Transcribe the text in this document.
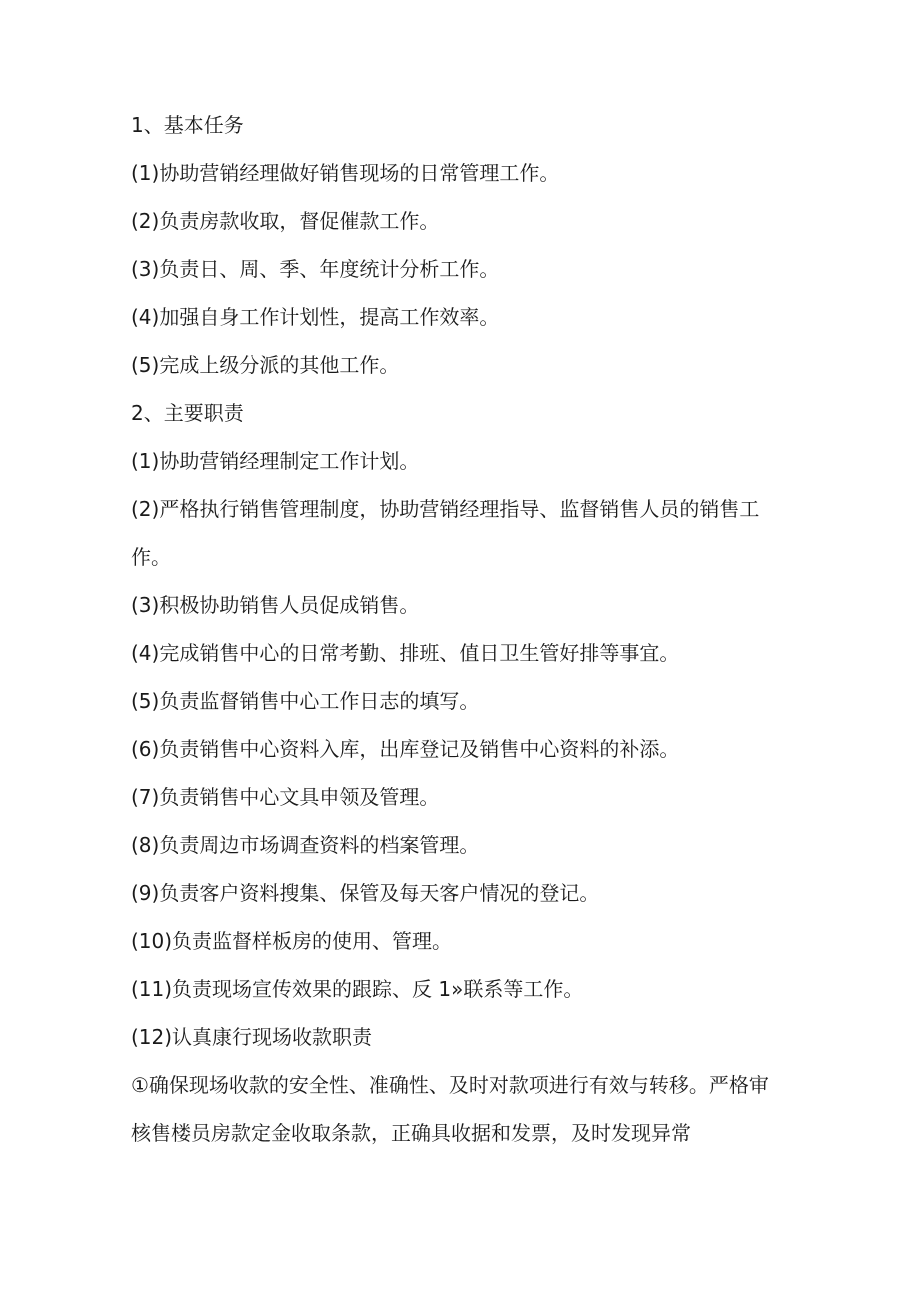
1、基本任务
(1)协助营销经理做好销售现场的日常管理工作。
(2)负责房款收取，督促催款工作。
(3)负责日、周、季、年度统计分析工作。
(4)加强自身工作计划性，提高工作效率。
(5)完成上级分派的其他工作。
2、主要职责
(1)协助营销经理制定工作计划。
(2)严格执行销售管理制度，协助营销经理指导、监督销售人员的销售工
作。
(3)积极协助销售人员促成销售。
(4)完成销售中心的日常考勤、排班、值日卫生管好排等事宜。
(5)负责监督销售中心工作日志的填写。
(6)负责销售中心资料入库，出库登记及销售中心资料的补添。
(7)负责销售中心文具申领及管理。
(8)负责周边市场调查资料的档案管理。
(9)负责客户资料搜集、保管及每天客户情况的登记。
(10)负责监督样板房的使用、管理。
(11)负责现场宣传效果的跟踪、反 1»联系等工作。
(12)认真康行现场收款职责
①确保现场收款的安全性、准确性、及时对款项进行有效与转移。严格审
核售楼员房款定金收取条款，正确具收据和发票，及时发现异常
